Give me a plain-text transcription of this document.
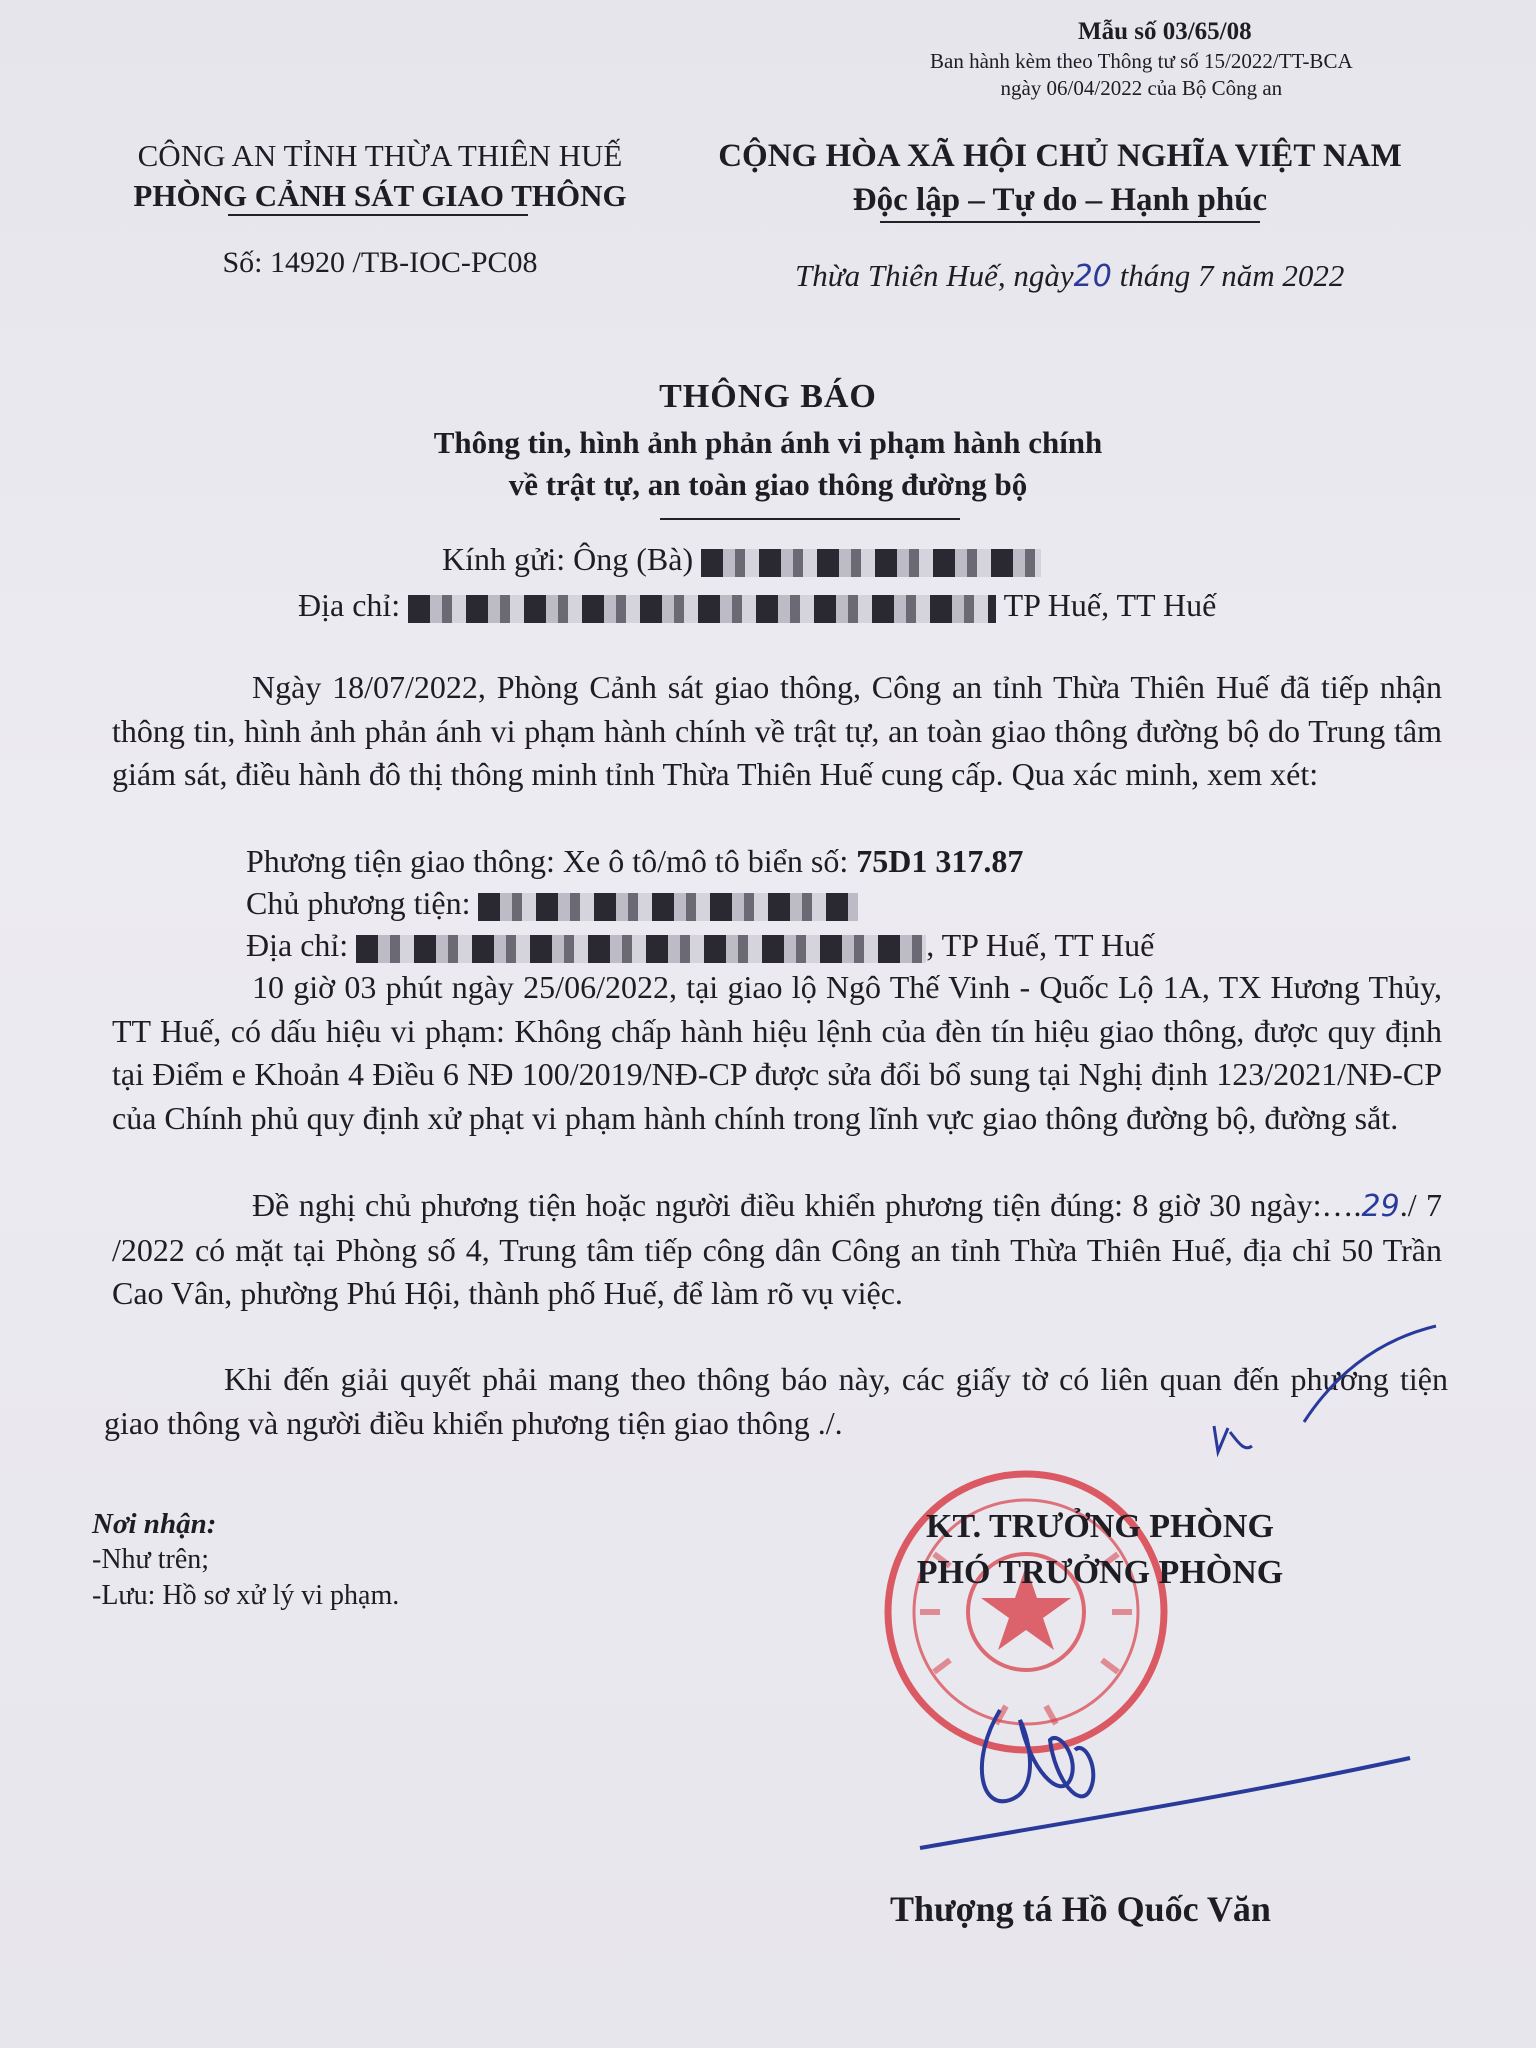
Mẫu số 03/65/08
Ban hành kèm theo Thông tư số 15/2022/TT-BCA
ngày 06/04/2022 của Bộ Công an
CÔNG AN TỈNH THỪA THIÊN HUẾ
PHÒNG CẢNH SÁT GIAO THÔNG
Số: 14920 /TB-IOC-PC08
CỘNG HÒA XÃ HỘI CHỦ NGHĨA VIỆT NAM
Độc lập – Tự do – Hạnh phúc
Thừa Thiên Huế, ngày20 tháng 7 năm 2022
THÔNG BÁO
Thông tin, hình ảnh phản ánh vi phạm hành chính
về trật tự, an toàn giao thông đường bộ
Kính gửi: Ông (Bà)
Địa chỉ:	TP Huế, TT Huế
Ngày 18/07/2022, Phòng Cảnh sát giao thông, Công an tỉnh Thừa Thiên Huế đã tiếp nhận thông tin, hình ảnh phản ánh vi phạm hành chính về trật tự, an toàn giao thông đường bộ do Trung tâm giám sát, điều hành đô thị thông minh tỉnh Thừa Thiên Huế cung cấp. Qua xác minh, xem xét:
Phương tiện giao thông: Xe ô tô/mô tô biển số: 75D1 317.87
Chủ phương tiện:
Địa chỉ:	, TP Huế, TT Huế
10 giờ 03 phút ngày 25/06/2022, tại giao lộ Ngô Thế Vinh - Quốc Lộ 1A, TX Hương Thủy, TT Huế, có dấu hiệu vi phạm: Không chấp hành hiệu lệnh của đèn tín hiệu giao thông, được quy định tại Điểm e Khoản 4 Điều 6 NĐ 100/2019/NĐ-CP được sửa đổi bổ sung tại Nghị định 123/2021/NĐ-CP của Chính phủ quy định xử phạt vi phạm hành chính trong lĩnh vực giao thông đường bộ, đường sắt.
Đề nghị chủ phương tiện hoặc người điều khiển phương tiện đúng: 8 giờ 30 ngày:….29./ 7 /2022 có mặt tại Phòng số 4, Trung tâm tiếp công dân Công an tỉnh Thừa Thiên Huế, địa chỉ 50 Trần Cao Vân, phường Phú Hội, thành phố Huế, để làm rõ vụ việc.
Khi đến giải quyết phải mang theo thông báo này, các giấy tờ có liên quan đến phương tiện giao thông và người điều khiển phương tiện giao thông ./.
Nơi nhận:
-Như trên;
-Lưu: Hồ sơ xử lý vi phạm.
KT. TRƯỞNG PHÒNG
PHÓ TRƯỞNG PHÒNG
Thượng tá Hồ Quốc Văn
